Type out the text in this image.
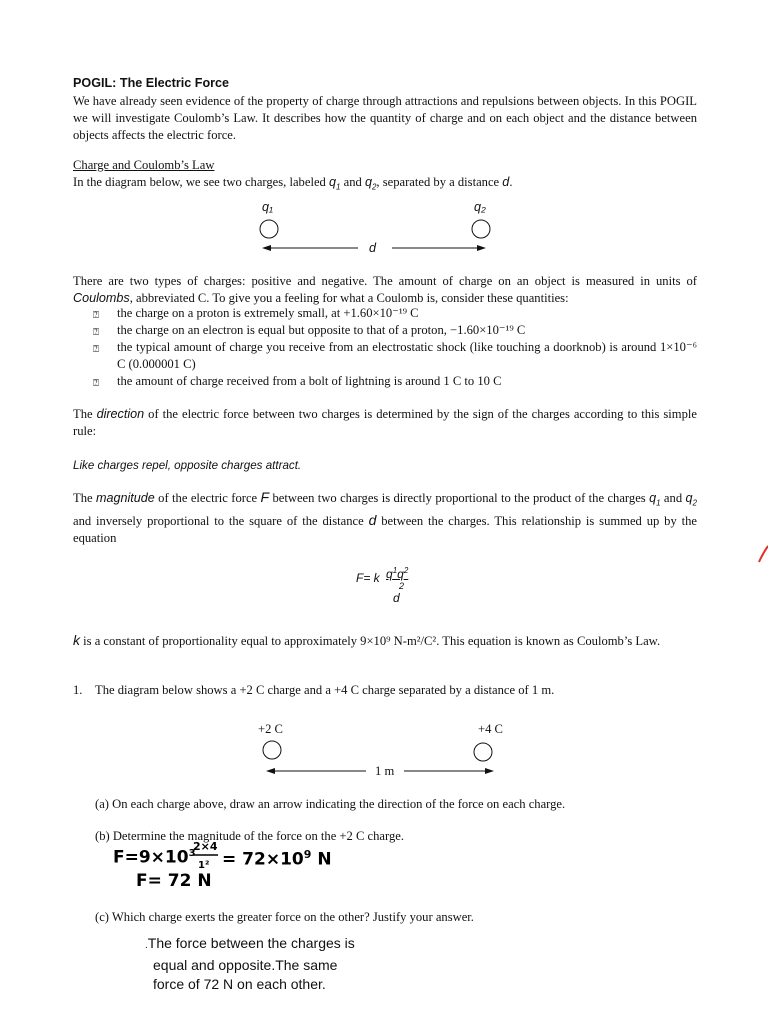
POGIL: The Electric Force
We have already seen evidence of the property of charge through attractions and repulsions between objects. In this POGIL we will investigate Coulomb’s Law. It describes how the quantity of charge and on each object and the distance between objects affects the electric force.
Charge and Coulomb’s Law
In the diagram below, we see two charges, labeled $q_1$ and $q_2$, separated by a distance d.
q₁	q₂
d
There are two types of charges: positive and negative. The amount of charge on an object is measured in units of Coulombs, abbreviated C. To give you a feeling for what a Coulomb is, consider these quantities:
⍰ the charge on a proton is extremely small, at +1.60×10⁻¹⁹ C
⍰ the charge on an electron is equal but opposite to that of a proton, −1.60×10⁻¹⁹ C
⍰ the typical amount of charge you receive from an electrostatic shock (like touching a doorknob) is around 1×10⁻⁶ C (0.000001 C)
⍰ the amount of charge received from a bolt of lightning is around 1 C to 10 C
The direction of the electric force between two charges is determined by the sign of the charges according to this simple rule:
Like charges repel, opposite charges attract.
The magnitude of the electric force F between two charges is directly proportional to the product of the charges $q_1$ and $q_2$ and inversely proportional to the square of the distance d between the charges. This relationship is summed up by the equation
F= k $q^1q^2$
2
d
k is a constant of proportionality equal to approximately 9×10⁹ N-m²/C². This equation is known as Coulomb’s Law.
1. The diagram below shows a +2 C charge and a +4 C charge separated by a distance of 1 m.
+2 C	+4 C
1 m
(a) On each charge above, draw an arrow indicating the direction of the force on each charge.
(b) Determine the magnitude of the force on the +2 C charge.
$F=9\times 10^3$
2×4
$1^2 = 72\times 10^9$ N
F= 72 N
(c) Which charge exerts the greater force on the other? Justify your answer.
.The force between the charges is
equal and opposite.The same
force of 72 N on each other.
